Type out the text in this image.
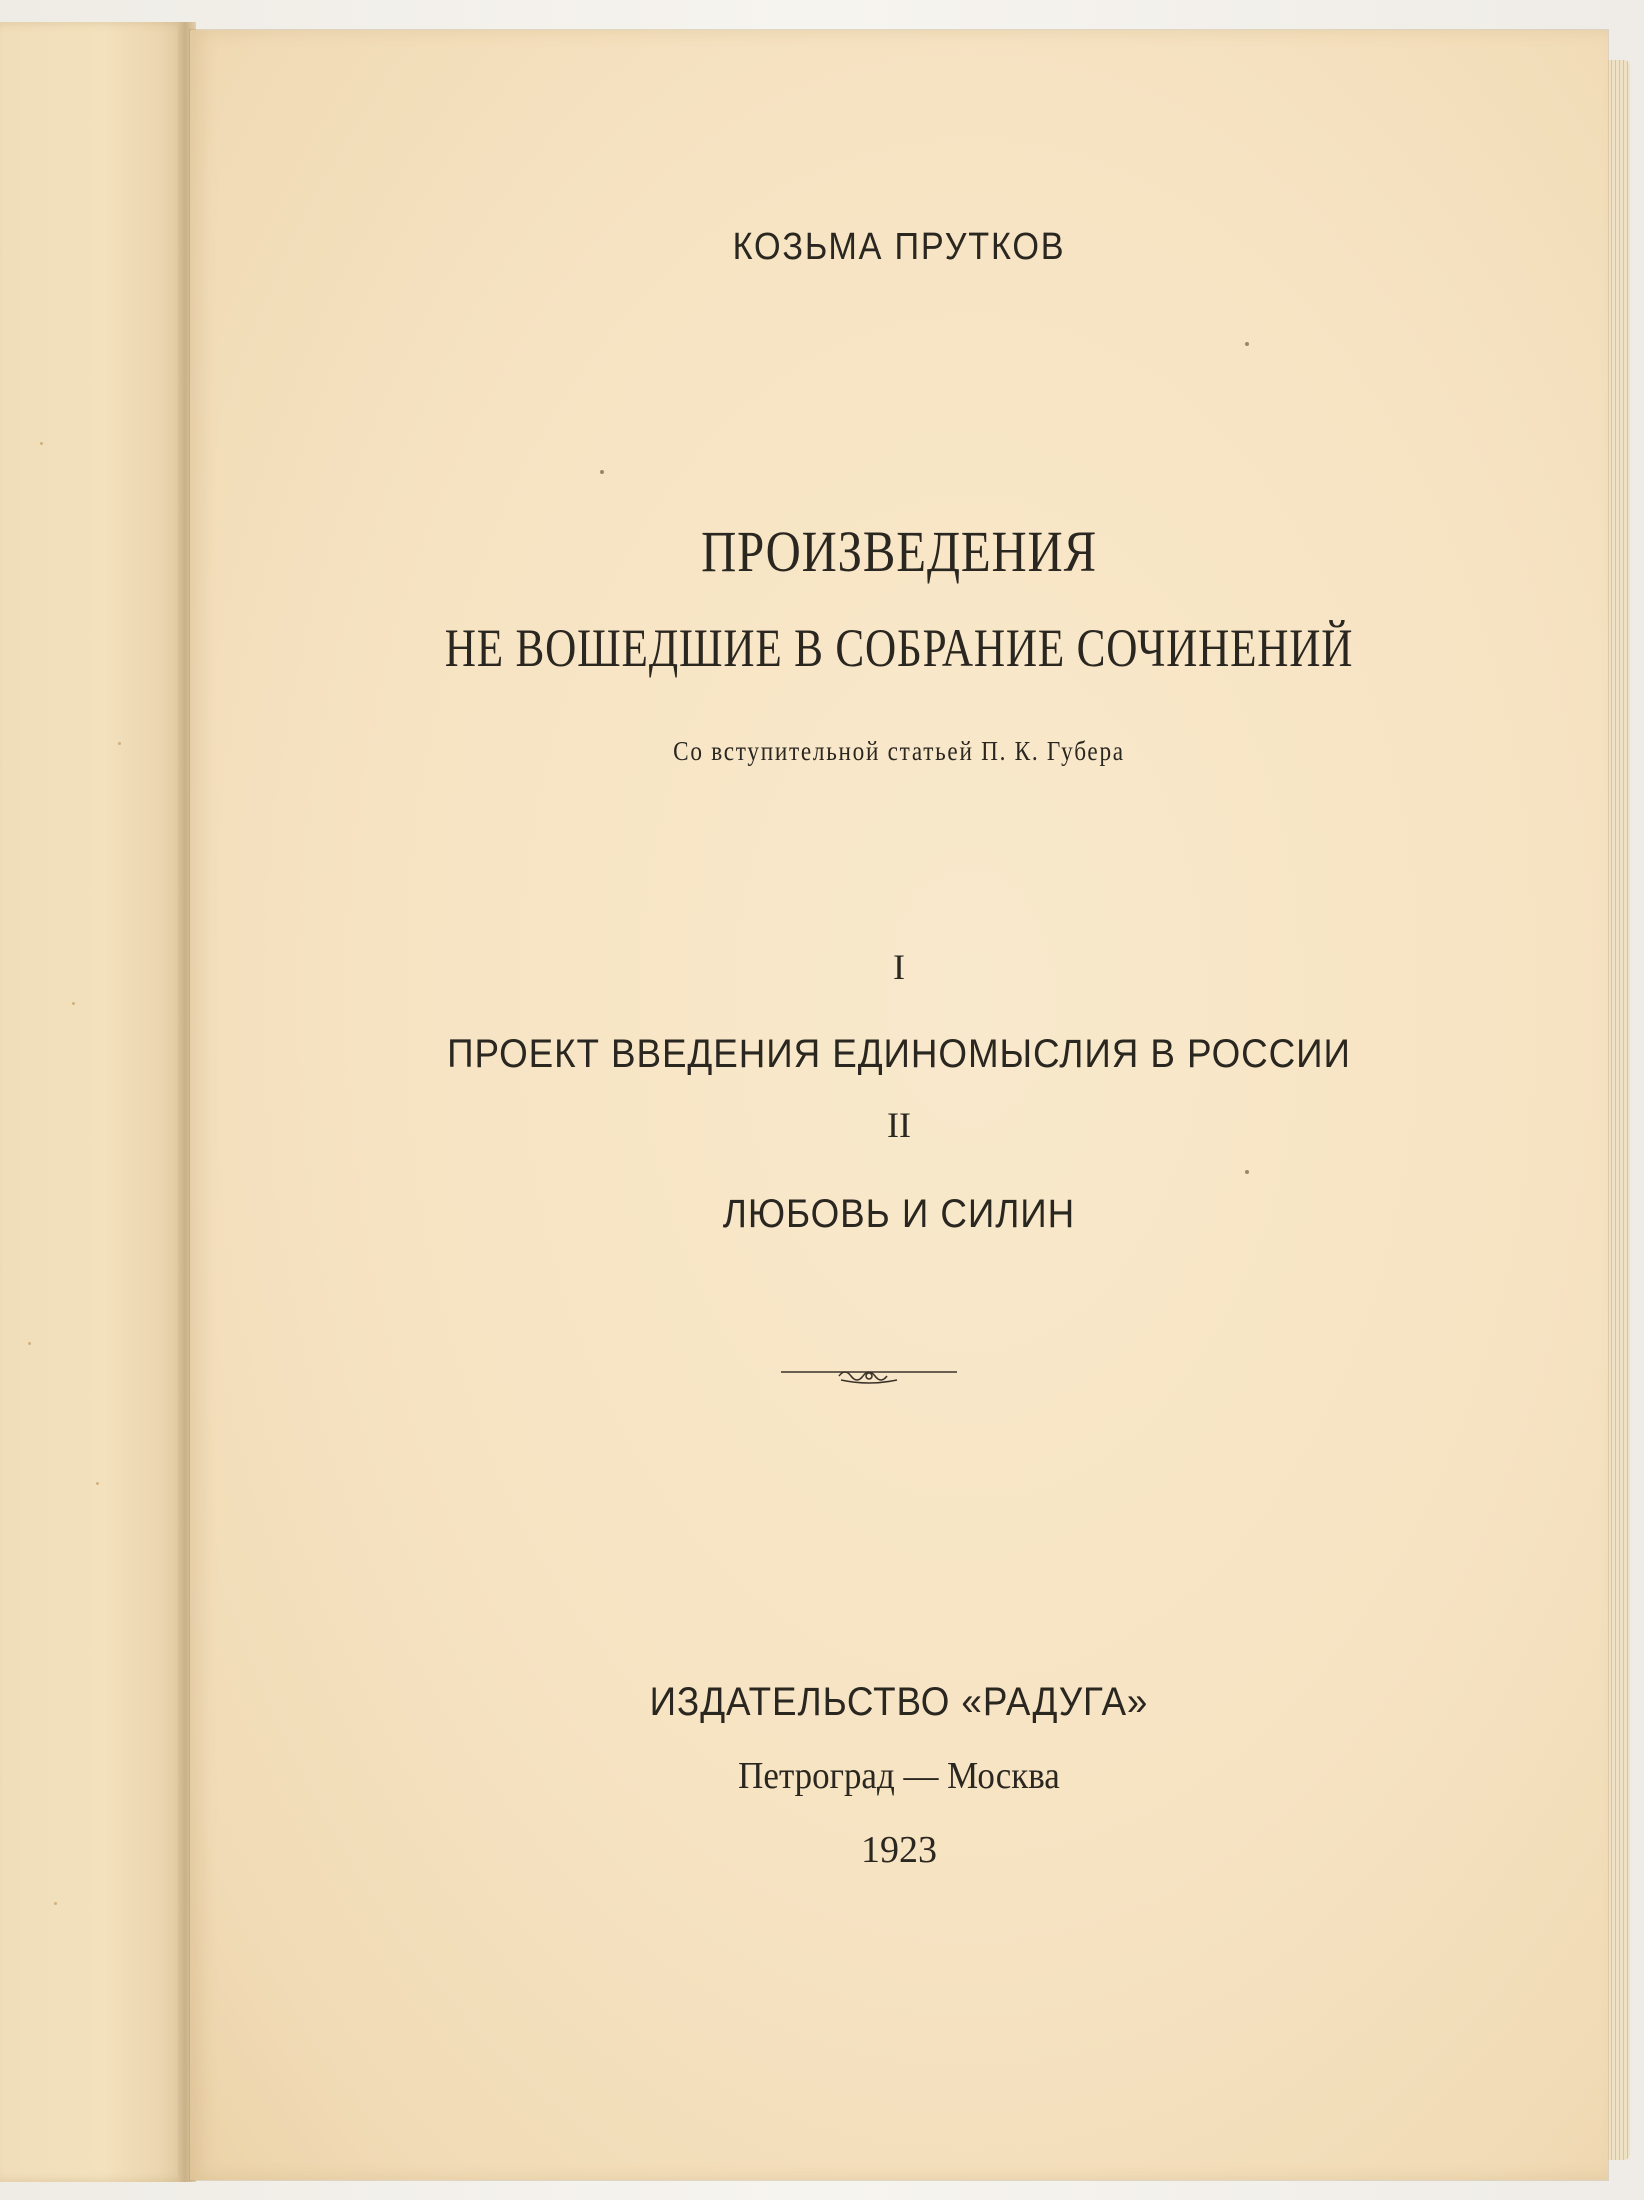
КОЗЬМА ПРУТКОВ
ПРОИЗВЕДЕНИЯ
НЕ ВОШЕДШИЕ В СОБРАНИЕ СОЧИНЕНИЙ

Со вступительной статьей П. К. Губера

I

ПРОЕКТ ВВЕДЕНИЯ ЕДИНОМЫСЛИЯ В РОССИИ

II

ЛЮБОВЬ И СИЛИН

ИЗДАТЕЛЬСТВО «РАДУГА»

Петроград — Москва

1923
